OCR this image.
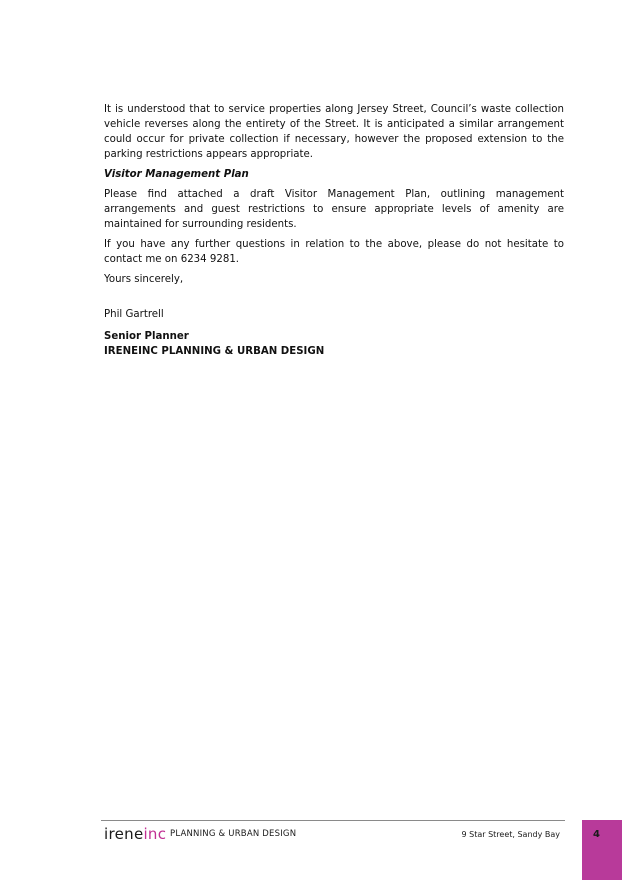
It is understood that to service properties along Jersey Street, Council’s waste collection vehicle reverses along the entirety of the Street. It is anticipated a similar arrangement could occur for private collection if necessary, however the proposed extension to the parking restrictions appears appropriate.

Visitor Management Plan

Please find attached a draft Visitor Management Plan, outlining management arrangements and guest restrictions to ensure appropriate levels of amenity are maintained for surrounding residents.

If you have any further questions in relation to the above, please do not hesitate to contact me on 6234 9281.

Yours sincerely,

Phil Gartrell

Senior Planner

IRENEINC PLANNING & URBAN DESIGN

ireneinc PLANNING & URBAN DESIGN	9 Star Street, Sandy Bay	4
